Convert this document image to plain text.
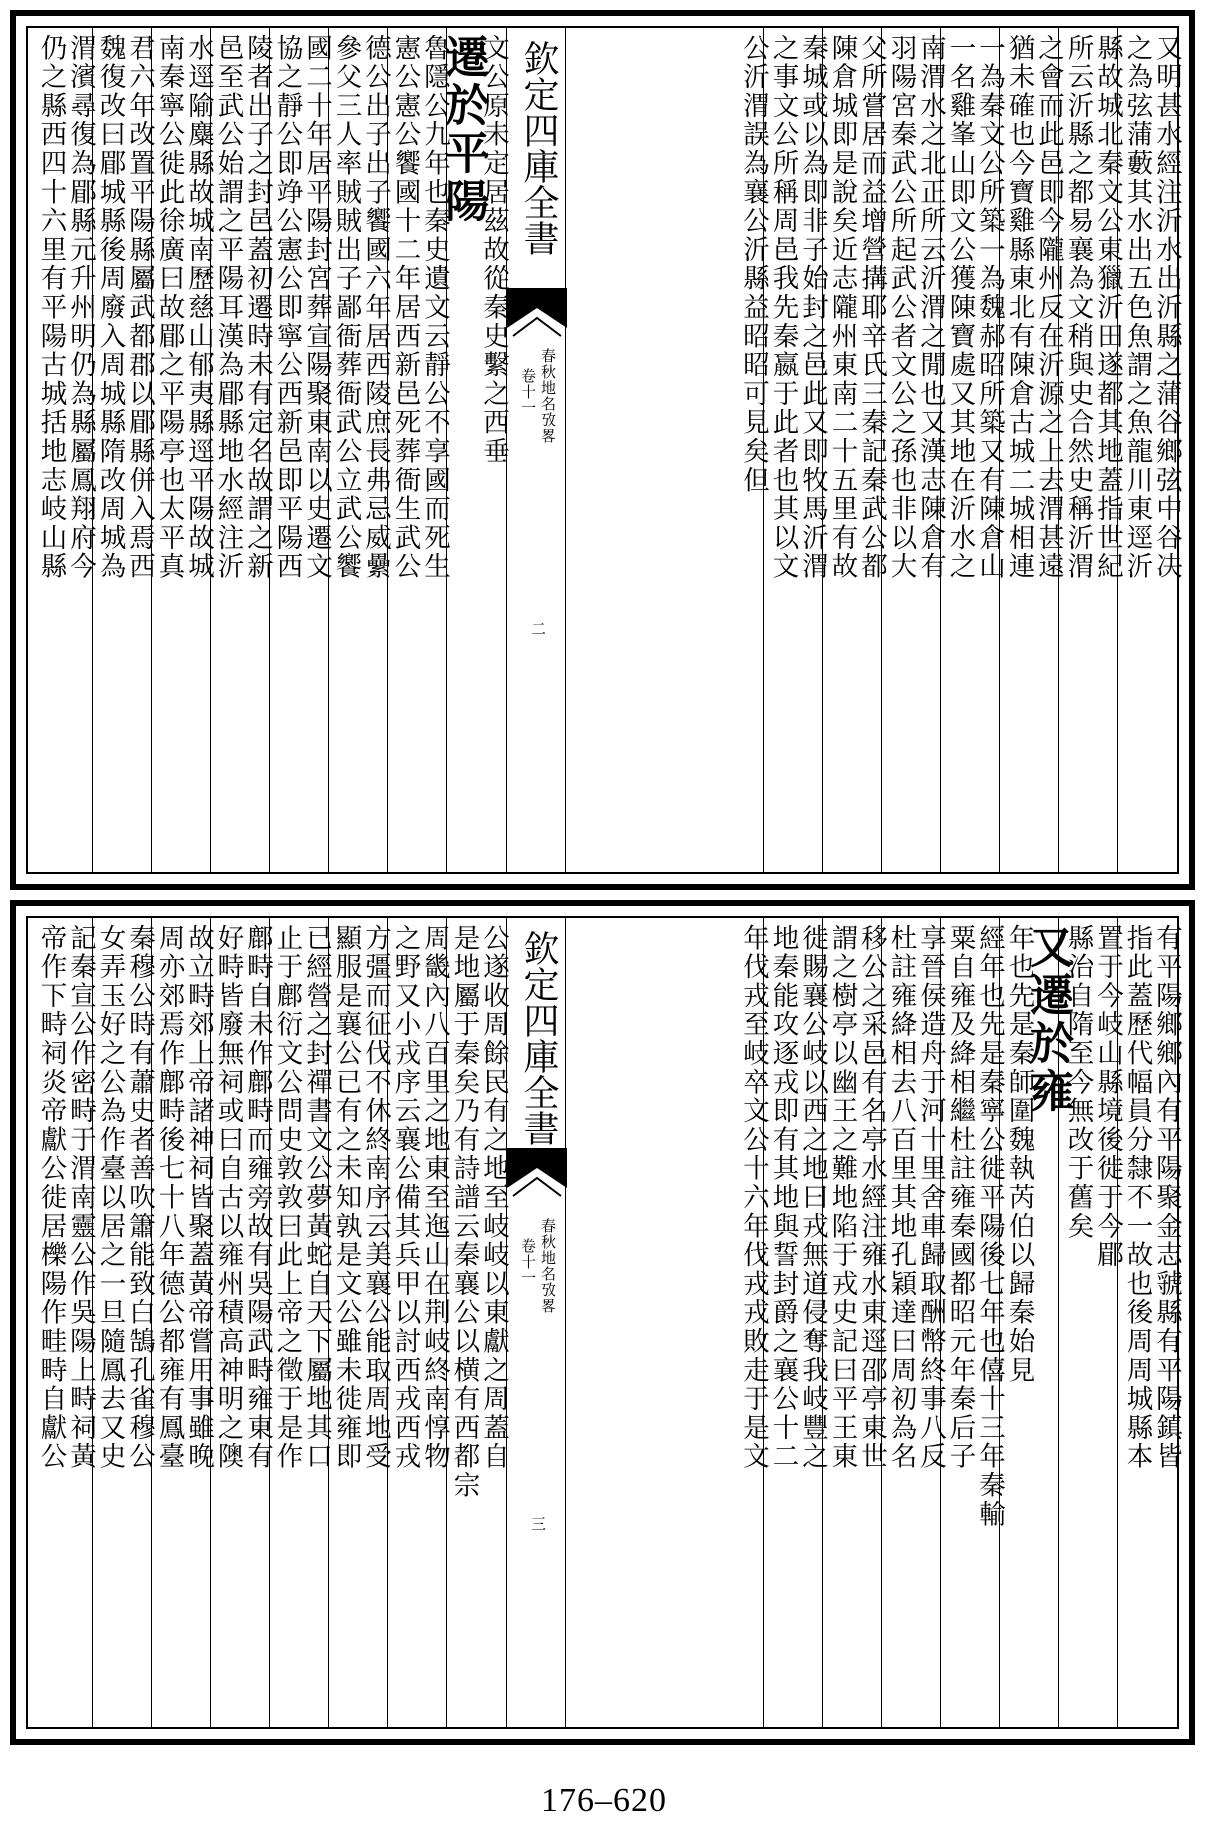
又明甚水經注沂水出沂縣之蒲谷鄉弦中谷决
之為弦蒲藪其水出五色魚謂之魚龍川東逕沂
縣故城北秦文公東獵沂田遂都其地蓋指世紀
所云沂縣之都易襄為文稍與史合然史稱沂渭
之會而此邑即今隴州反在沂源之上去渭甚遠
猶未確也今寶雞縣東北有陳倉古城二城相連
一為秦文公所築一為魏郝昭所築又有陳倉山
一名雞峯山即文公獲陳寶處又其地在沂水之
南渭水之北正所云沂渭之閒也又漢志陳倉有
羽陽宮秦武公所起武公者文公之孫也非以大
父所嘗居而益增營搆耶辛氏三秦記秦武公都
陳倉城即是說矣近志隴州東南二十五里有故
秦城或以為即非子始封之邑此又即牧馬沂渭
之事文公所稱周邑我先秦嬴于此者也其以文
公沂渭誤為襄公沂縣益昭昭可見矣但
欽定四庫全書
春秋地名攷畧
卷十一
二
文公原未定居茲故從秦史繫之西垂
遷於平陽
魯隱公九年也秦史遺文云靜公不享國而死生
憲公憲公饗國十二年居西新邑死葬衙生武公
德公出子出子饗國六年居西陵庶長弗忌威纍
參父三人率賊賊出子鄙衙葬衙武公立武公饗
國二十年居平陽封宮葬宣陽聚東南以史遷文
協之靜公即竫公憲公即寧公西新邑即平陽西
陵者出子之封邑蓋初遷時未有定名故謂之新
邑至武公始謂之平陽耳漢為郿縣地水經注沂
水逕隃麋縣故城南歷慈山郁夷縣逕平陽故城
南秦寧公徙此徐廣曰故郿之平陽亭也太平真
君六年改置平陽縣屬武都郡以郿縣併入焉西
魏復改曰郿城縣後周廢入周城縣隋改周城為
渭濱尋復為郿縣元升州明仍為縣屬鳳翔府今
仍之縣西四十六里有平陽古城括地志岐山縣
有平陽鄉鄉內有平陽聚金志虢縣有平陽鎮皆
指此蓋歷代幅員分隸不一故也後周周城縣本
置于今岐山縣境後徙于今郿
縣治自隋至今無改于舊矣
又遷於雍
年也先是秦師圍魏執芮伯以歸秦始見
經年也先是秦寧公徙平陽後七年也僖十三年秦輸
粟自雍及絳相繼杜註雍秦國都昭元年秦后子
享晉侯造舟于河十里舍車歸取酬幣終事八反
杜註雍絳相去八百里其地孔穎達曰周初為名
移公之采邑有名亭水經注雍水東逕邵亭東世
謂之樹亭以幽王之難地陷于戎史記曰平王東
徙賜襄公岐以西之地曰戎無道侵奪我岐豐之
地秦能攻逐戎即有其地與誓封爵之襄公十二
年伐戎至岐卒文公十六年伐戎戎敗走于是文
欽定四庫全書
春秋地名攷畧
卷十一
三
公遂收周餘民有之地至岐岐以東獻之周蓋自
是地屬于秦矣乃有詩譜云秦襄公以横有西都宗
周畿內八百里之地東至迤山在荆岐終南惇物
之野又小戎序云襄公備其兵甲以討西戎西戎
方彊而征伐不休終南序云美襄公能取周地受
顯服是襄公已有之未知孰是文公雖未徙雍即
已經營之封禪書文公夢黃蛇自天下屬地其口
止于鄜衍文公問史敦敦曰此上帝之徵于是作
鄜畤自未作鄜畤而雍旁故有吳陽武畤雍東有
好畤皆廢無祠或曰自古以雍州積高神明之隩
故立畤郊上帝諸神祠皆聚蓋黃帝嘗用事雖晚
周亦郊焉作鄜畤後七十八年德公都雍有鳳臺
秦穆公時有蕭史者善吹簫能致白鵠孔雀穆公
女弄玉好之公為作臺以居之一旦隨鳳去又史
記秦宣公作密畤于渭南靈公作吳陽上畤祠黃
帝作下畤祠炎帝獻公徙居櫟陽作畦畤自獻公
176–620
